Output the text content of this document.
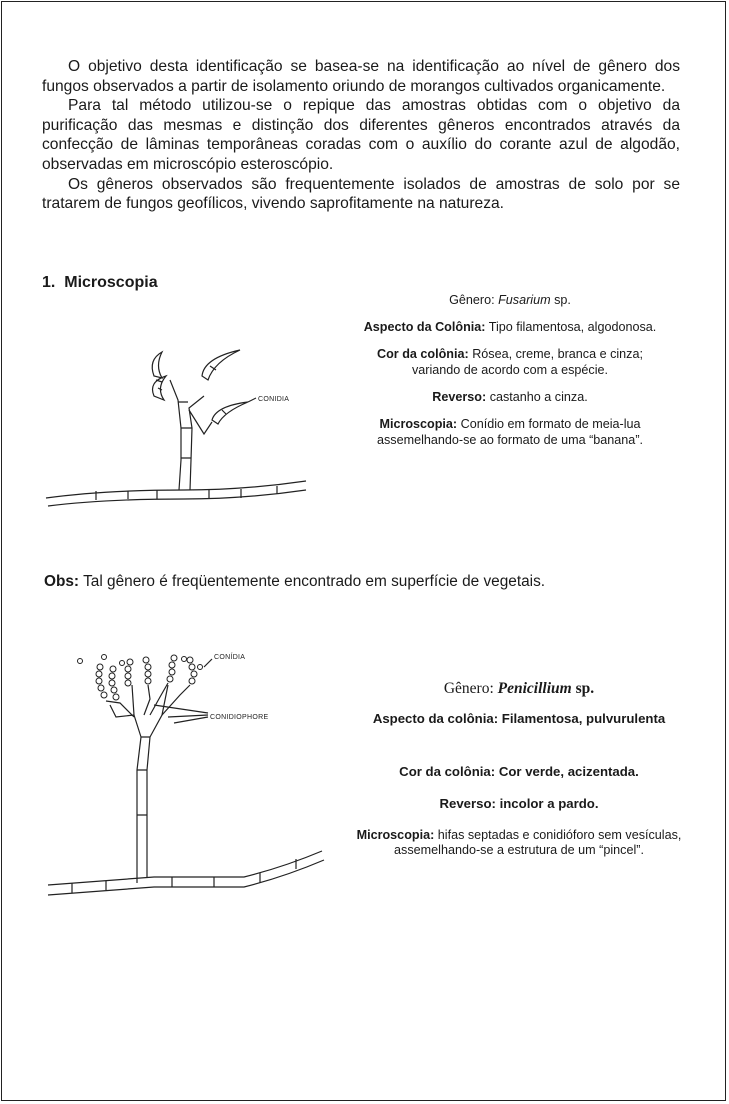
O objetivo desta identificação se basea-se na identificação ao nível de gênero dos fungos observados a partir de isolamento oriundo de morangos cultivados organicamente.

Para tal método utilizou-se o repique das amostras obtidas com o objetivo da purificação das mesmas e distinção dos diferentes gêneros encontrados através da confecção de lâminas temporâneas coradas com o auxílio do corante azul de algodão, observadas em microscópio esteroscópio.

Os gêneros observados são frequentemente isolados de amostras de solo por se tratarem de fungos geofílicos, vivendo saprofitamente na natureza.

1. Microscopia
CONIDIA

Gênero: Fusarium sp.

Aspecto da Colônia: Tipo filamentosa, algodonosa.

Cor da colônia: Rósea, creme, branca e cinza;
variando de acordo com a espécie.

Reverso: castanho a cinza.

Microscopia: Conídio em formato de meia-lua
assemelhando-se ao formato de uma “banana”.

Obs: Tal gênero é freqüentemente encontrado em superfície de vegetais.
CONÍDIA
CONIDIOPHORE

Gênero: Penicillium sp.

Aspecto da colônia: Filamentosa, pulvurulenta

Cor da colônia: Cor verde, acizentada.

Reverso: incolor a pardo.

Microscopia: hifas septadas e conidióforo sem vesículas,
assemelhando-se a estrutura de um “pincel”.
